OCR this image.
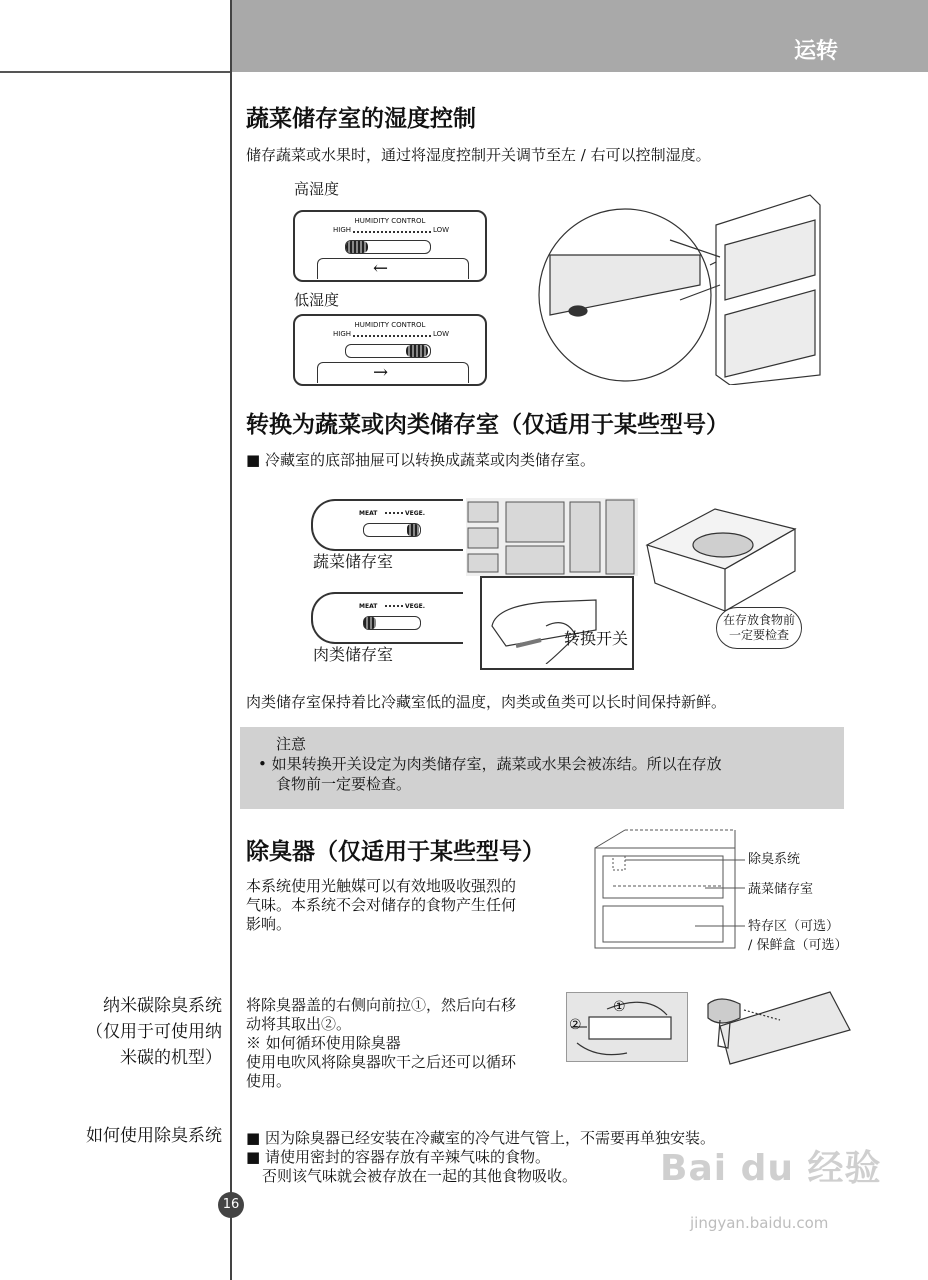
运转
蔬菜储存室的湿度控制
储存蔬菜或水果时，通过将湿度控制开关调节至左 / 右可以控制湿度。
高湿度
HUMIDITY CONTROL
HIGH	LOW
←
低湿度
HUMIDITY CONTROL
HIGH	LOW
→
转换为蔬菜或肉类储存室（仅适用于某些型号）
■ 冷藏室的底部抽屉可以转换成蔬菜或肉类储存室。
MEAT	VEGE.
蔬菜储存室
MEAT	VEGE.
肉类储存室
转换开关
在存放食物前
一定要检查
肉类储存室保持着比冷藏室低的温度，肉类或鱼类可以长时间保持新鲜。
注意
• 如果转换开关设定为肉类储存室，蔬菜或水果会被冻结。所以在存放
食物前一定要检查。
除臭器（仅适用于某些型号）
本系统使用光触媒可以有效地吸收强烈的
气味。本系统不会对储存的食物产生任何
影响。
除臭系统
蔬菜储存室
特存区（可选）
/ 保鲜盒（可选）
纳米碳除臭系统
（仅用于可使用纳
米碳的机型）
将除臭器盖的右侧向前拉①，然后向右移
动将其取出②。
※ 如何循环使用除臭器
使用电吹风将除臭器吹干之后还可以循环
使用。
①
②
如何使用除臭系统 ■ 因为除臭器已经安装在冷藏室的冷气进气管上，不需要再单独安装。
■ 请使用密封的容器存放有辛辣气味的食物。
否则该气味就会被存放在一起的其他食物吸收。
16
Bai du 经验
jingyan.baidu.com
